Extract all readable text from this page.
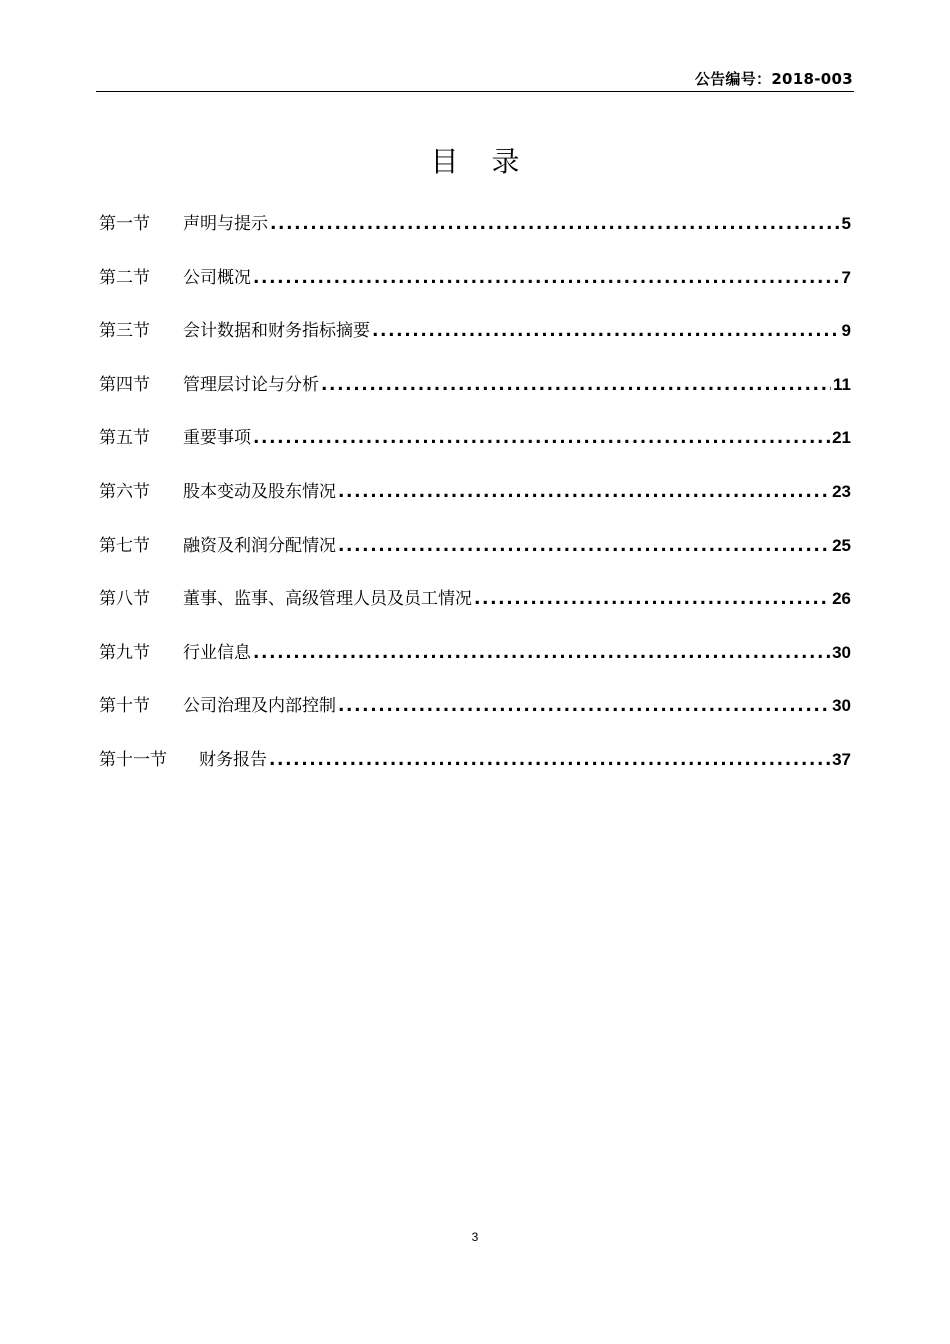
公告编号：2018-003
目 录
第一节	声明与提示 .....	5
第二节	公司概况 .....	7
第三节	会计数据和财务指标摘要 .....	9
第四节	管理层讨论与分析 .....	11
第五节	重要事项 .....	21
第六节	股本变动及股东情况 .....	23
第七节	融资及利润分配情况 .....	25
第八节	董事、监事、高级管理人员及员工情况 .....	26
第九节	行业信息 .....	30
第十节	公司治理及内部控制 .....	30
第十一节	财务报告 .....	37
3
